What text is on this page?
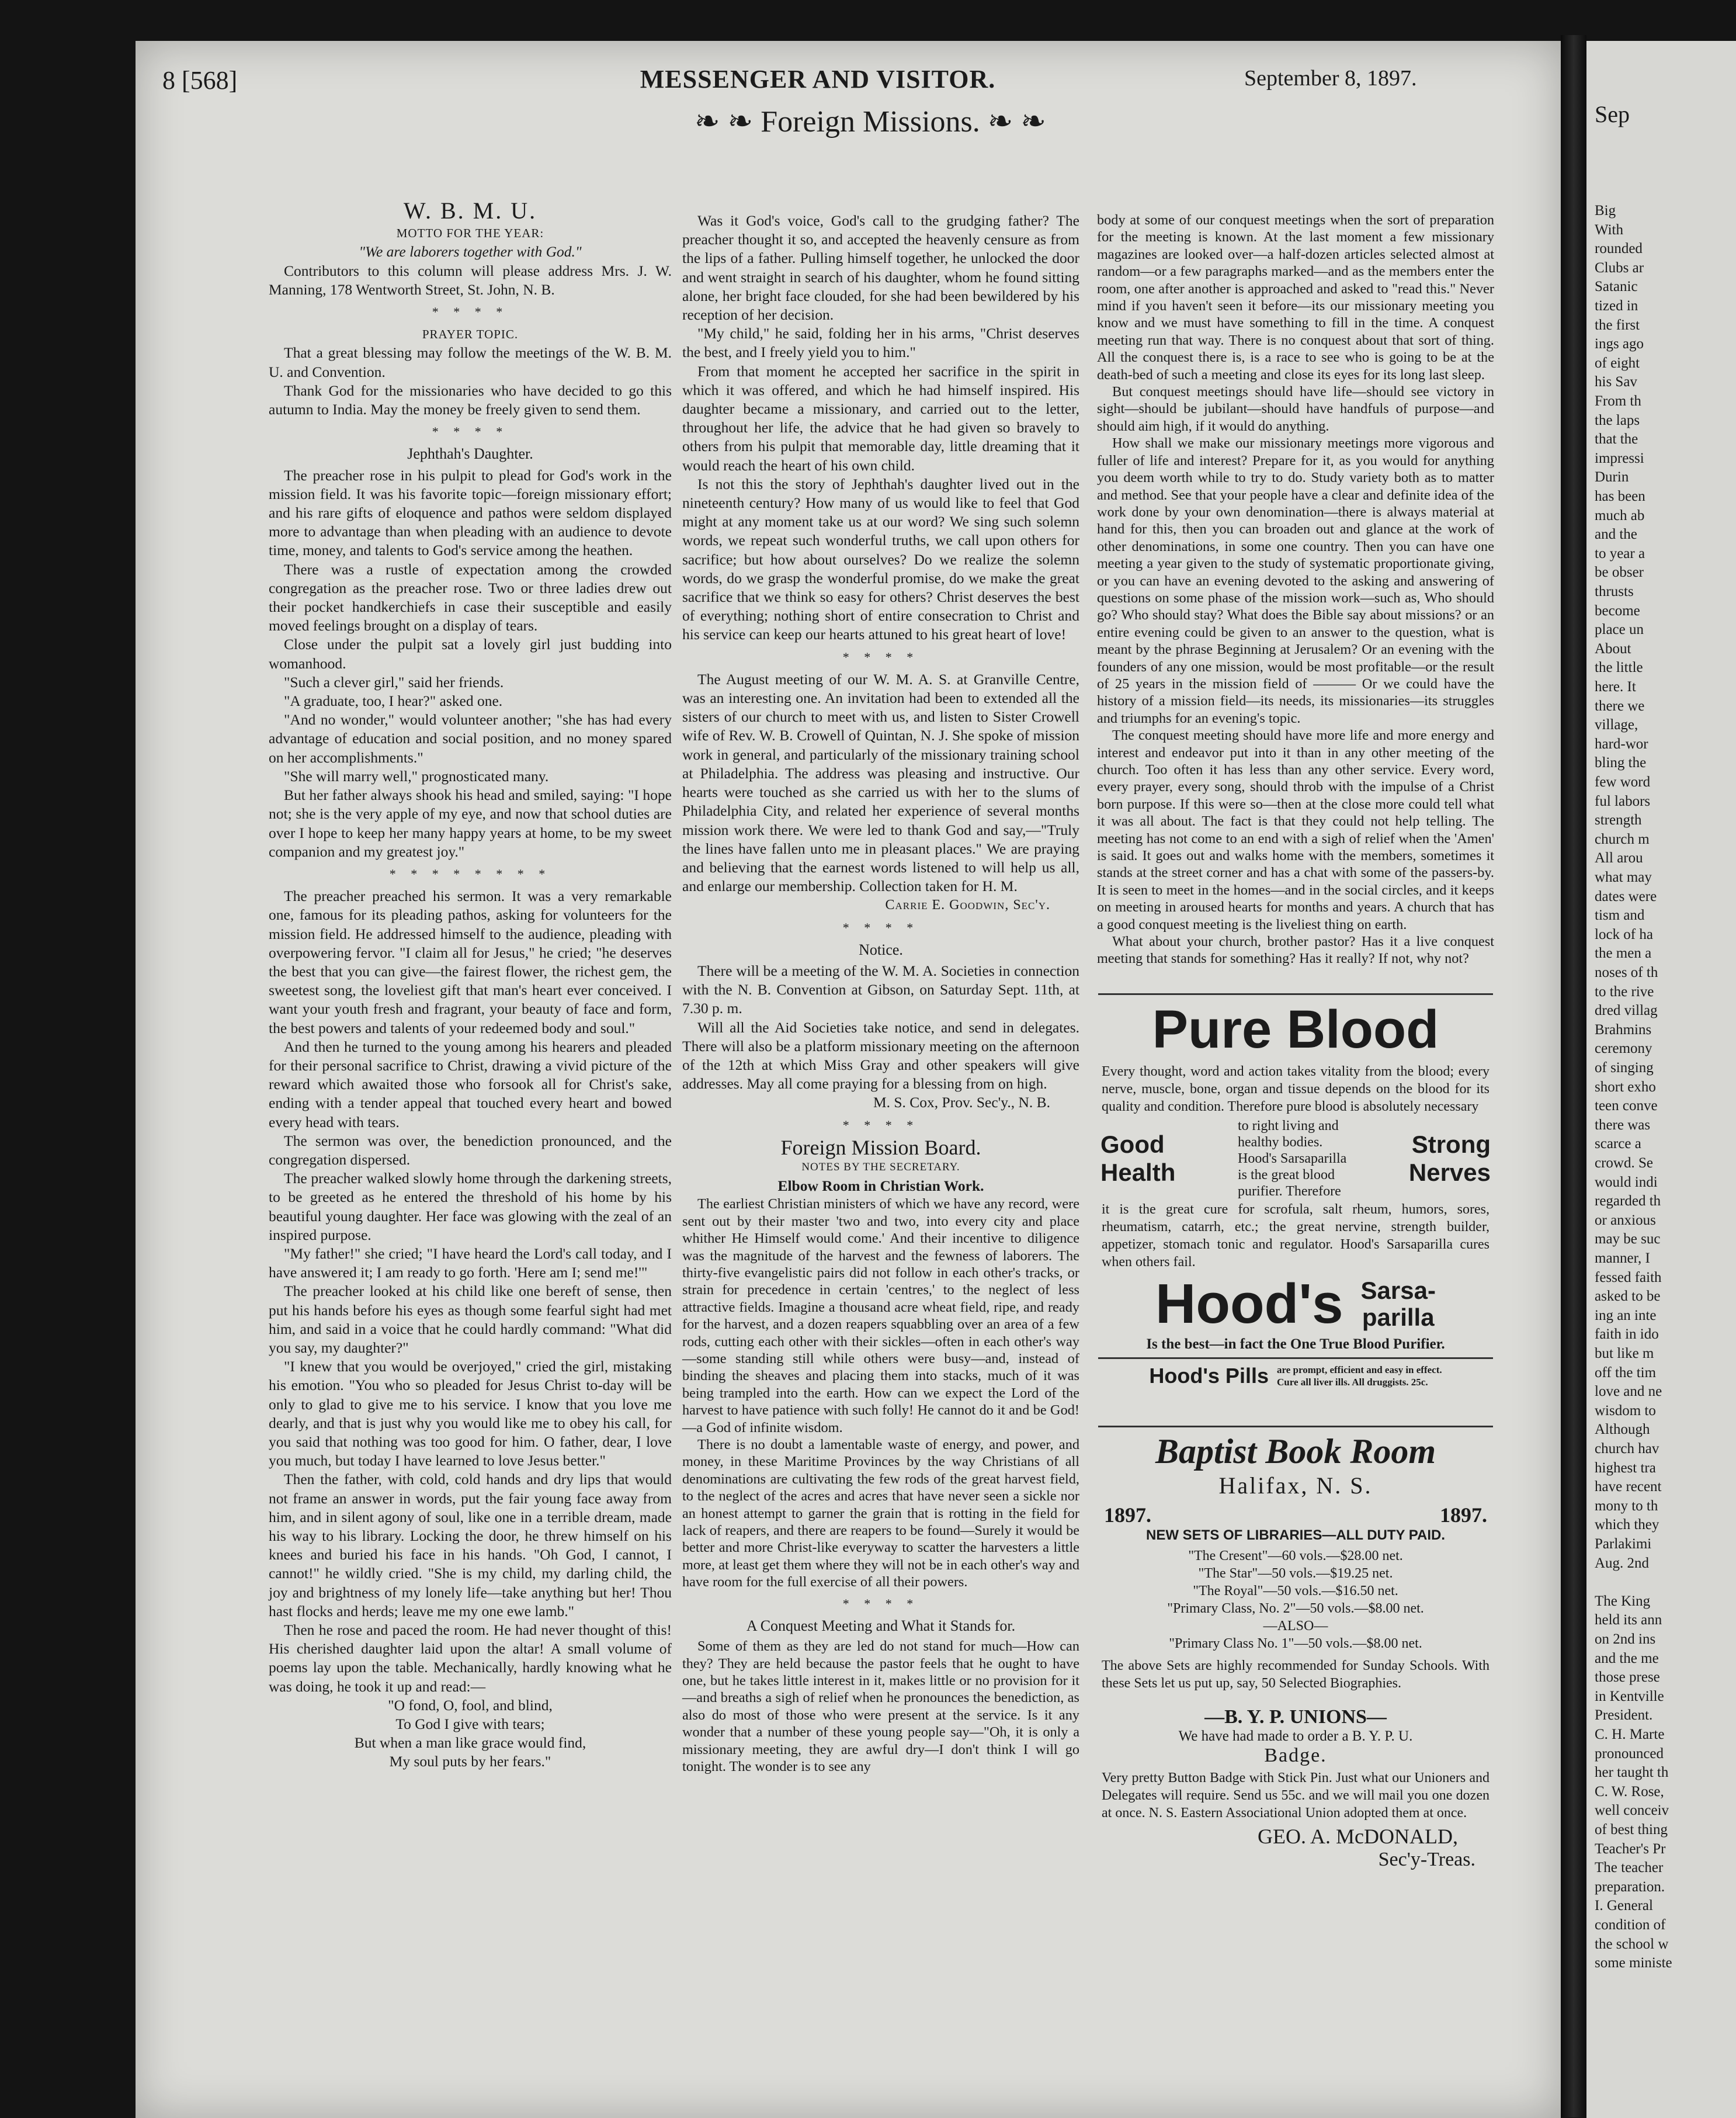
Sep
Big
With
rounded
Clubs ar
Satanic
tized in
the first
ings ago
of eight
his Sav
From th
the laps
that the
impressi
Durin
has been
much ab
and the
to year a
be obser
thrusts
become
place un
About
the little
here. It
there we
village,
hard-wor
bling the
few word
ful labors
strength
church m
All arou
what may
dates were
tism and
lock of ha
the men a
noses of th
to the rive
dred villag
Brahmins
ceremony
of singing
short exho
teen conve
there was
scarce a
crowd. Se
would indi
regarded th
or anxious
may be suc
manner, I
fessed faith
asked to be
ing an inte
faith in ido
but like m
off the tim
love and ne
wisdom to
Although
church hav
highest tra
have recent
mony to th
which they
Parlakimi
Aug. 2nd
The King
held its ann
on 2nd ins
and the me
those prese
in Kentville
President.
C. H. Marte
pronounced
her taught th
C. W. Rose,
well conceiv
of best thing
Teacher's Pr
The teacher
preparation.
I. General
condition of
the school w
some ministe
8 [568]	MESSENGER AND VISITOR.	September 8, 1897.
❧ ❧ Foreign Missions. ❧ ❧
W. B. M. U.

MOTTO FOR THE YEAR:

"We are laborers together with God."

Contributors to this column will please address Mrs. J. W. Manning, 178 Wentworth Street, St. John, N. B.

* * * *

PRAYER TOPIC.

That a great blessing may follow the meetings of the W. B. M. U. and Convention.

Thank God for the missionaries who have decided to go this autumn to India. May the money be freely given to send them.

* * * *
Jephthah's Daughter.

The preacher rose in his pulpit to plead for God's work in the mission field. It was his favorite topic—foreign missionary effort; and his rare gifts of eloquence and pathos were seldom displayed more to advantage than when pleading with an audience to devote time, money, and talents to God's service among the heathen.

There was a rustle of expectation among the crowded congregation as the preacher rose. Two or three ladies drew out their pocket handkerchiefs in case their susceptible and easily moved feelings brought on a display of tears.

Close under the pulpit sat a lovely girl just budding into womanhood.

"Such a clever girl," said her friends.

"A graduate, too, I hear?" asked one.

"And no wonder," would volunteer another; "she has had every advantage of education and social position, and no money spared on her accomplishments."

"She will marry well," prognosticated many.

But her father always shook his head and smiled, saying: "I hope not; she is the very apple of my eye, and now that school duties are over I hope to keep her many happy years at home, to be my sweet companion and my greatest joy."

* * * * * * * *

The preacher preached his sermon. It was a very remarkable one, famous for its pleading pathos, asking for volunteers for the mission field. He addressed himself to the audience, pleading with overpowering fervor. "I claim all for Jesus," he cried; "he deserves the best that you can give—the fairest flower, the richest gem, the sweetest song, the loveliest gift that man's heart ever conceived. I want your youth fresh and fragrant, your beauty of face and form, the best powers and talents of your redeemed body and soul."

And then he turned to the young among his hearers and pleaded for their personal sacrifice to Christ, drawing a vivid picture of the reward which awaited those who forsook all for Christ's sake, ending with a tender appeal that touched every heart and bowed every head with tears.

The sermon was over, the benediction pronounced, and the congregation dispersed.

The preacher walked slowly home through the darkening streets, to be greeted as he entered the threshold of his home by his beautiful young daughter. Her face was glowing with the zeal of an inspired purpose.

"My father!" she cried; "I have heard the Lord's call today, and I have answered it; I am ready to go forth. 'Here am I; send me!'"

The preacher looked at his child like one bereft of sense, then put his hands before his eyes as though some fearful sight had met him, and said in a voice that he could hardly command: "What did you say, my daughter?"

"I knew that you would be overjoyed," cried the girl, mistaking his emotion. "You who so pleaded for Jesus Christ to-day will be only to glad to give me to his service. I know that you love me dearly, and that is just why you would like me to obey his call, for you said that nothing was too good for him. O father, dear, I love you much, but today I have learned to love Jesus better."

Then the father, with cold, cold hands and dry lips that would not frame an answer in words, put the fair young face away from him, and in silent agony of soul, like one in a terrible dream, made his way to his library. Locking the door, he threw himself on his knees and buried his face in his hands. "Oh God, I cannot, I cannot!" he wildly cried. "She is my child, my darling child, the joy and brightness of my lonely life—take anything but her! Thou hast flocks and herds; leave me my one ewe lamb."

Then he rose and paced the room. He had never thought of this! His cherished daughter laid upon the altar! A small volume of poems lay upon the table. Mechanically, hardly knowing what he was doing, he took it up and read:—

"O fond, O, fool, and blind,

To God I give with tears;

But when a man like grace would find,

My soul puts by her fears."

Was it God's voice, God's call to the grudging father? The preacher thought it so, and accepted the heavenly censure as from the lips of a father. Pulling himself together, he unlocked the door and went straight in search of his daughter, whom he found sitting alone, her bright face clouded, for she had been bewildered by his reception of her decision.

"My child," he said, folding her in his arms, "Christ deserves the best, and I freely yield you to him."

From that moment he accepted her sacrifice in the spirit in which it was offered, and which he had himself inspired. His daughter became a missionary, and carried out to the letter, throughout her life, the advice that he had given so bravely to others from his pulpit that memorable day, little dreaming that it would reach the heart of his own child.

Is not this the story of Jephthah's daughter lived out in the nineteenth century? How many of us would like to feel that God might at any moment take us at our word? We sing such solemn words, we repeat such wonderful truths, we call upon others for sacrifice; but how about ourselves? Do we realize the solemn words, do we grasp the wonderful promise, do we make the great sacrifice that we think so easy for others? Christ deserves the best of everything; nothing short of entire consecration to Christ and his service can keep our hearts attuned to his great heart of love!

* * * *

The August meeting of our W. M. A. S. at Granville Centre, was an interesting one. An invitation had been to extended all the sisters of our church to meet with us, and listen to Sister Crowell wife of Rev. W. B. Crowell of Quintan, N. J. She spoke of mission work in general, and particularly of the missionary training school at Philadelphia. The address was pleasing and instructive. Our hearts were touched as she carried us with her to the slums of Philadelphia City, and related her experience of several months mission work there. We were led to thank God and say,—"Truly the lines have fallen unto me in pleasant places." We are praying and believing that the earnest words listened to will help us all, and enlarge our membership. Collection taken for H. M.

Carrie E. Goodwin, Sec'y.

* * * *
Notice.

There will be a meeting of the W. M. A. Societies in connection with the N. B. Convention at Gibson, on Saturday Sept. 11th, at 7.30 p. m.

Will all the Aid Societies take notice, and send in delegates. There will also be a platform missionary meeting on the afternoon of the 12th at which Miss Gray and other speakers will give addresses. May all come praying for a blessing from on high.

M. S. Cox, Prov. Sec'y., N. B.

* * * *
Foreign Mission Board.

NOTES BY THE SECRETARY.

Elbow Room in Christian Work.

The earliest Christian ministers of which we have any record, were sent out by their master 'two and two, into every city and place whither He Himself would come.' And their incentive to diligence was the magnitude of the harvest and the fewness of laborers. The thirty-five evangelistic pairs did not follow in each other's tracks, or strain for precedence in certain 'centres,' to the neglect of less attractive fields. Imagine a thousand acre wheat field, ripe, and ready for the harvest, and a dozen reapers squabbling over an area of a few rods, cutting each other with their sickles—often in each other's way—some standing still while others were busy—and, instead of binding the sheaves and placing them into stacks, much of it was being trampled into the earth. How can we expect the Lord of the harvest to have patience with such folly! He cannot do it and be God!—a God of infinite wisdom.

There is no doubt a lamentable waste of energy, and power, and money, in these Maritime Provinces by the way Christians of all denominations are cultivating the few rods of the great harvest field, to the neglect of the acres and acres that have never seen a sickle nor an honest attempt to garner the grain that is rotting in the field for lack of reapers, and there are reapers to be found—Surely it would be better and more Christ-like everyway to scatter the harvesters a little more, at least get them where they will not be in each other's way and have room for the full exercise of all their powers.

* * * *
A Conquest Meeting and What it Stands for.

Some of them as they are led do not stand for much—How can they? They are held because the pastor feels that he ought to have one, but he takes little interest in it, makes little or no provision for it—and breaths a sigh of relief when he pronounces the benediction, as also do most of those who were present at the service. Is it any wonder that a number of these young people say—"Oh, it is only a missionary meeting, they are awful dry—I don't think I will go tonight. The wonder is to see any

body at some of our conquest meetings when the sort of preparation for the meeting is known. At the last moment a few missionary magazines are looked over—a half-dozen articles selected almost at random—or a few paragraphs marked—and as the members enter the room, one after another is approached and asked to "read this." Never mind if you haven't seen it before—its our missionary meeting you know and we must have something to fill in the time. A conquest meeting run that way. There is no conquest about that sort of thing. All the conquest there is, is a race to see who is going to be at the death-bed of such a meeting and close its eyes for its long last sleep.

But conquest meetings should have life—should see victory in sight—should be jubilant—should have handfuls of purpose—and should aim high, if it would do anything.

How shall we make our missionary meetings more vigorous and fuller of life and interest? Prepare for it, as you would for anything you deem worth while to try to do. Study variety both as to matter and method. See that your people have a clear and definite idea of the work done by your own denomination—there is always material at hand for this, then you can broaden out and glance at the work of other denominations, in some one country. Then you can have one meeting a year given to the study of systematic proportionate giving, or you can have an evening devoted to the asking and answering of questions on some phase of the mission work—such as, Who should go? Who should stay? What does the Bible say about missions? or an entire evening could be given to an answer to the question, what is meant by the phrase Beginning at Jerusalem? Or an evening with the founders of any one mission, would be most profitable—or the result of 25 years in the mission field of ——— Or we could have the history of a mission field—its needs, its missionaries—its struggles and triumphs for an evening's topic.

The conquest meeting should have more life and more energy and interest and endeavor put into it than in any other meeting of the church. Too often it has less than any other service. Every word, every prayer, every song, should throb with the impulse of a Christ born purpose. If this were so—then at the close more could tell what it was all about. The fact is that they could not help telling. The meeting has not come to an end with a sigh of relief when the 'Amen' is said. It goes out and walks home with the members, sometimes it stands at the street corner and has a chat with some of the passers-by. It is seen to meet in the homes—and in the social circles, and it keeps on meeting in aroused hearts for months and years. A church that has a good conquest meeting is the liveliest thing on earth.

What about your church, brother pastor? Has it a live conquest meeting that stands for something? Has it really? If not, why not?

Pure Blood

Every thought, word and action takes vitality from the blood; every nerve, muscle, bone, organ and tissue depends on the blood for its quality and condition. Therefore pure blood is absolutely necessary

Good
Health
to right living and
healthy bodies.
Hood's Sarsaparilla
is the great blood
purifier. Therefore
Strong
Nerves

it is the great cure for scrofula, salt rheum, humors, sores, rheumatism, catarrh, etc.; the great nervine, strength builder, appetizer, stomach tonic and regulator. Hood's Sarsaparilla cures when others fail.

Hood's Sarsa-
parilla
Is the best—in fact the One True Blood Purifier.
Hood's Pills are prompt, efficient and easy in effect.
Cure all liver ills. All druggists. 25c.
Baptist Book Room
Halifax, N. S.
1897.	1897.
NEW SETS OF LIBRARIES—ALL DUTY PAID.
"The Cresent"—60 vols.—$28.00 net.
"The Star"—50 vols.—$19.25 net.
"The Royal"—50 vols.—$16.50 net.
"Primary Class, No. 2"—50 vols.—$8.00 net.
—ALSO—
"Primary Class No. 1"—50 vols.—$8.00 net.

The above Sets are highly recommended for Sunday Schools. With these Sets let us put up, say, 50 Selected Biographies.

—B. Y. P. UNIONS—
We have had made to order a B. Y. P. U.
Badge.

Very pretty Button Badge with Stick Pin. Just what our Unioners and Delegates will require. Send us 55c. and we will mail you one dozen at once. N. S. Eastern Associational Union adopted them at once.

GEO. A. McDONALD,
Sec'y-Treas.
